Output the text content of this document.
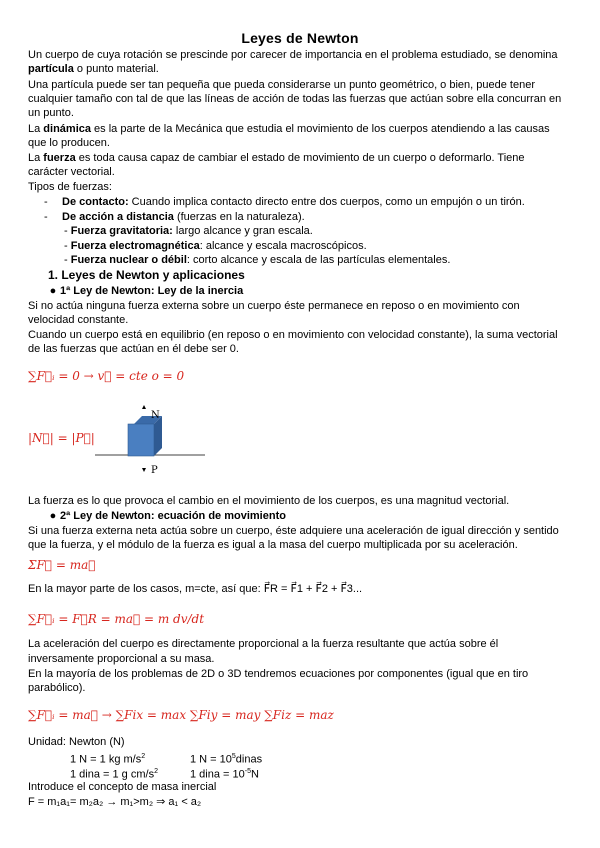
Leyes de Newton
Un cuerpo de cuya rotación se prescinde por carecer de importancia en el problema estudiado, se denomina
partícula o punto material.
Una partícula puede ser tan pequeña que pueda considerarse un punto geométrico, o bien, puede tener
cualquier tamaño con tal de que las líneas de acción de todas las fuerzas que actúan sobre ella concurran en
un punto.
La dinámica es la parte de la Mecánica que estudia el movimiento de los cuerpos atendiendo a las causas
que lo producen.
La fuerza es toda causa capaz de cambiar el estado de movimiento de un cuerpo o deformarlo. Tiene
carácter vectorial.
Tipos de fuerzas:
- De contacto: Cuando implica contacto directo entre dos cuerpos, como un empujón o un tirón.
- De acción a distancia (fuerzas en la naturaleza).
- Fuerza gravitatoria: largo alcance y gran escala.
- Fuerza electromagnética: alcance y escala macroscópicos.
- Fuerza nuclear o débil: corto alcance y escala de las partículas elementales.
1. Leyes de Newton y aplicaciones
● 1ª Ley de Newton: Ley de la inercia
Si no actúa ninguna fuerza externa sobre un cuerpo éste permanece en reposo o en movimiento con
velocidad constante.
Cuando un cuerpo está en equilibrio (en reposo o en movimiento con velocidad constante), la suma vectorial
de las fuerzas que actúan en él debe ser 0.
∑F⃗ᵢ = 0 → v⃗ = cte o = 0
|N⃗| = |P⃗|
N
P
La fuerza es lo que provoca el cambio en el movimiento de los cuerpos, es una magnitud vectorial.
● 2ª Ley de Newton: ecuación de movimiento
Si una fuerza externa neta actúa sobre un cuerpo, éste adquiere una aceleración de igual dirección y sentido
que la fuerza, y el módulo de la fuerza es igual a la masa del cuerpo multiplicada por su aceleración.
ΣF⃗ = ma⃗
En la mayor parte de los casos, m=cte, así que: F⃗R = F⃗1 + F⃗2 + F⃗3...
∑F⃗ᵢ = F⃗R = ma⃗ = m dv/dt
La aceleración del cuerpo es directamente proporcional a la fuerza resultante que actúa sobre él
inversamente proporcional a su masa.
En la mayoría de los problemas de 2D o 3D tendremos ecuaciones por componentes (igual que en tiro
parabólico).
∑F⃗ᵢ = ma⃗ → ∑Fix = max ∑Fiy = may ∑Fiz = maz
Unidad: Newton (N)
1 N = 1 kg $m/s^2$	1 $N = 10^5dinas$
1 dina = 1 g $cm/s^2$	1 dina = $10^{-5}N$
Introduce el concepto de masa inercial
F = m₁a₁= m₂a₂ → m₁>m₂ ⇒ a₁ < a₂
